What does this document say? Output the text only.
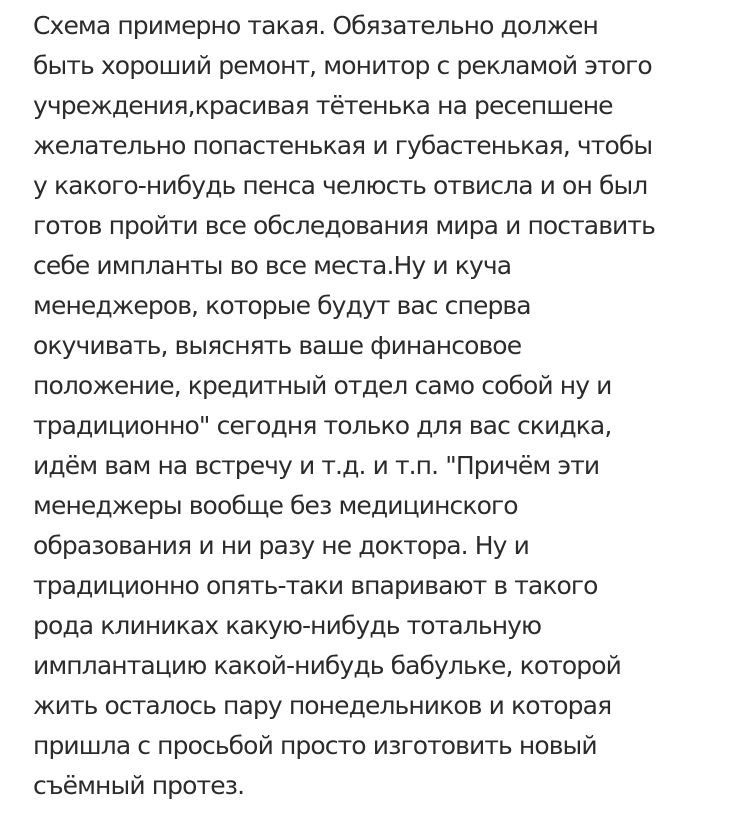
Схема примерно такая. Обязательно должен
быть хороший ремонт, монитор с рекламой этого
учреждения,красивая тётенька на ресепшене
желательно попастенькая и губастенькая, чтобы
у какого-нибудь пенса челюсть отвисла и он был
готов пройти все обследования мира и поставить
себе импланты во все места.Ну и куча
менеджеров, которые будут вас сперва
окучивать, выяснять ваше финансовое
положение, кредитный отдел само собой ну и
традиционно" сегодня только для вас скидка,
идём вам на встречу и т.д. и т.п. "Причём эти
менеджеры вообще без медицинского
образования и ни разу не доктора. Ну и
традиционно опять-таки впаривают в такого
рода клиниках какую-нибудь тотальную
имплантацию какой-нибудь бабульке, которой
жить осталось пару понедельников и которая
пришла с просьбой просто изготовить новый
съёмный протез.
